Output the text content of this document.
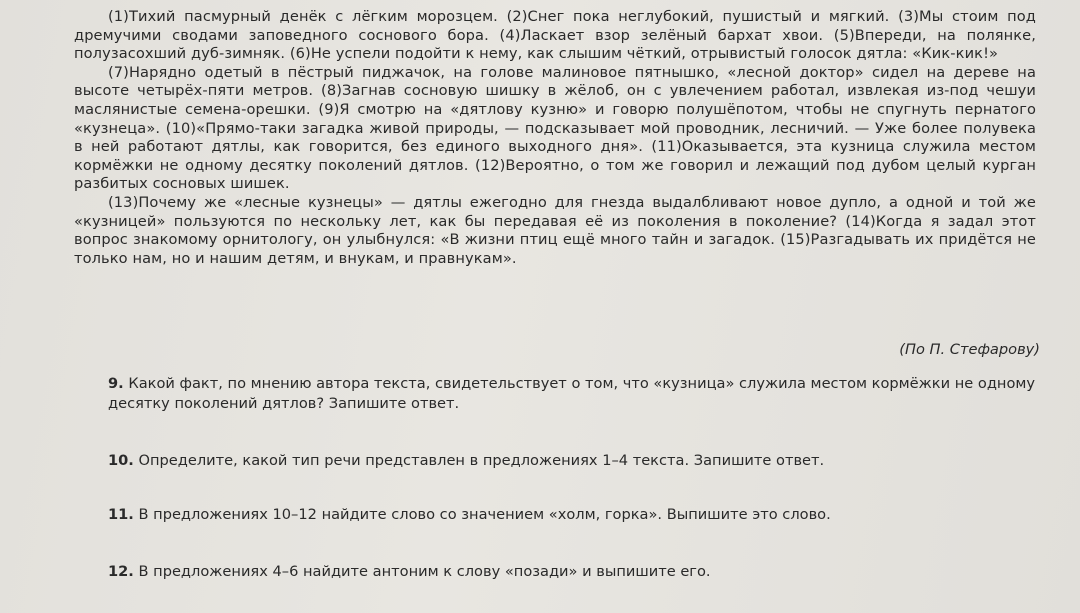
(1)Тихий пасмурный денёк с лёгким морозцем. (2)Снег пока неглубокий, пушистый и мягкий. (3)Мы стоим под дремучими сводами заповедного соснового бора. (4)Ласкает взор зелёный бархат хвои. (5)Впереди, на полянке, полузасохший дуб-зимняк. (6)Не успели подойти к нему, как слышим чёткий, отрывистый голосок дятла: «Кик-кик!»

(7)Нарядно одетый в пёстрый пиджачок, на голове малиновое пятнышко, «лесной доктор» сидел на дереве на высоте четырёх-пяти метров. (8)Загнав сосновую шишку в жёлоб, он с увлечением работал, извлекая из-под чешуи маслянистые семена-орешки. (9)Я смотрю на «дятлову кузню» и говорю полушёпотом, чтобы не спугнуть пернатого «кузнеца». (10)«Прямо-таки загадка живой природы, — подсказывает мой проводник, лесничий. — Уже более полувека в ней работают дятлы, как говорится, без единого выходного дня». (11)Оказывается, эта кузница служила местом кормёжки не одному десятку поколений дятлов. (12)Вероятно, о том же говорил и лежащий под дубом целый курган разбитых сосновых шишек.

(13)Почему же «лесные кузнецы» — дятлы ежегодно для гнезда выдалбливают новое дупло, а одной и той же «кузницей» пользуются по нескольку лет, как бы передавая её из поколения в поколение? (14)Когда я задал этот вопрос знакомому орнитологу, он улыбнулся: «В жизни птиц ещё много тайн и загадок. (15)Разгадывать их придётся не только нам, но и нашим детям, и внукам, и правнукам».

(По П. Стефарову)

9. Какой факт, по мнению автора текста, свидетельствует о том, что «кузница» служила местом кормёжки не одному десятку поколений дятлов? Запишите ответ.

10. Определите, какой тип речи представлен в предложениях 1–4 текста. Запишите ответ.

11. В предложениях 10–12 найдите слово со значением «холм, горка». Выпишите это слово.

12. В предложениях 4–6 найдите антоним к слову «позади» и выпишите его.
